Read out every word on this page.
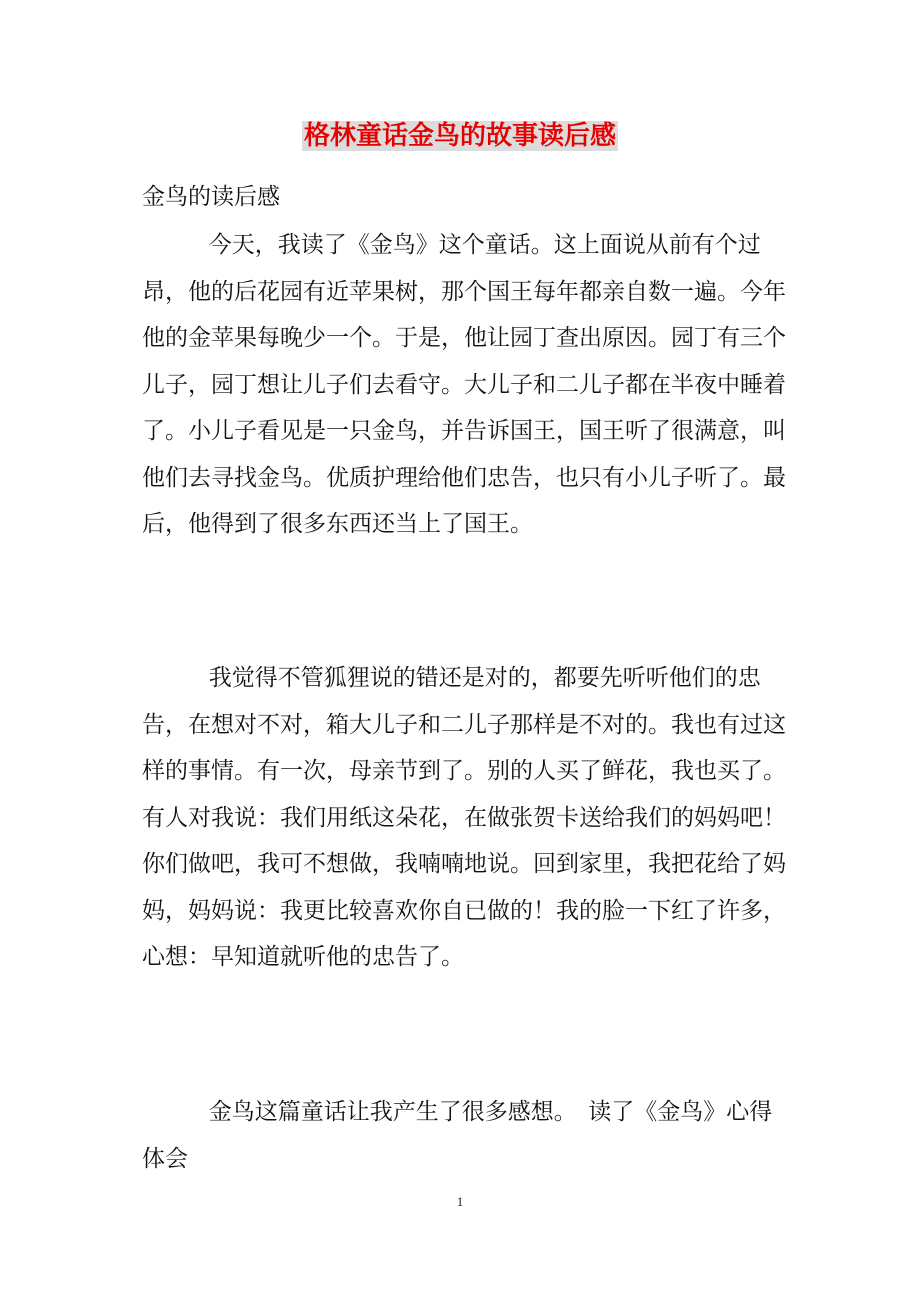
格林童话金鸟的故事读后感

金鸟的读后感

今天，我读了《金鸟》这个童话。这上面说从前有个过昂，他的后花园有近苹果树，那个国王每年都亲自数一遍。今年他的金苹果每晚少一个。于是，他让园丁查出原因。园丁有三个儿子，园丁想让儿子们去看守。大儿子和二儿子都在半夜中睡着了。小儿子看见是一只金鸟，并告诉国王，国王听了很满意，叫他们去寻找金鸟。优质护理给他们忠告，也只有小儿子听了。最后，他得到了很多东西还当上了国王。

我觉得不管狐狸说的错还是对的，都要先听听他们的忠告，在想对不对，箱大儿子和二儿子那样是不对的。我也有过这样的事情。有一次，母亲节到了。别的人买了鲜花，我也买了。有人对我说：我们用纸这朵花，在做张贺卡送给我们的妈妈吧！你们做吧，我可不想做，我喃喃地说。回到家里，我把花给了妈妈，妈妈说：我更比较喜欢你自已做的！我的脸一下红了许多，心想：早知道就听他的忠告了。

金鸟这篇童话让我产生了很多感想。　读了《金鸟》心得体会

1
